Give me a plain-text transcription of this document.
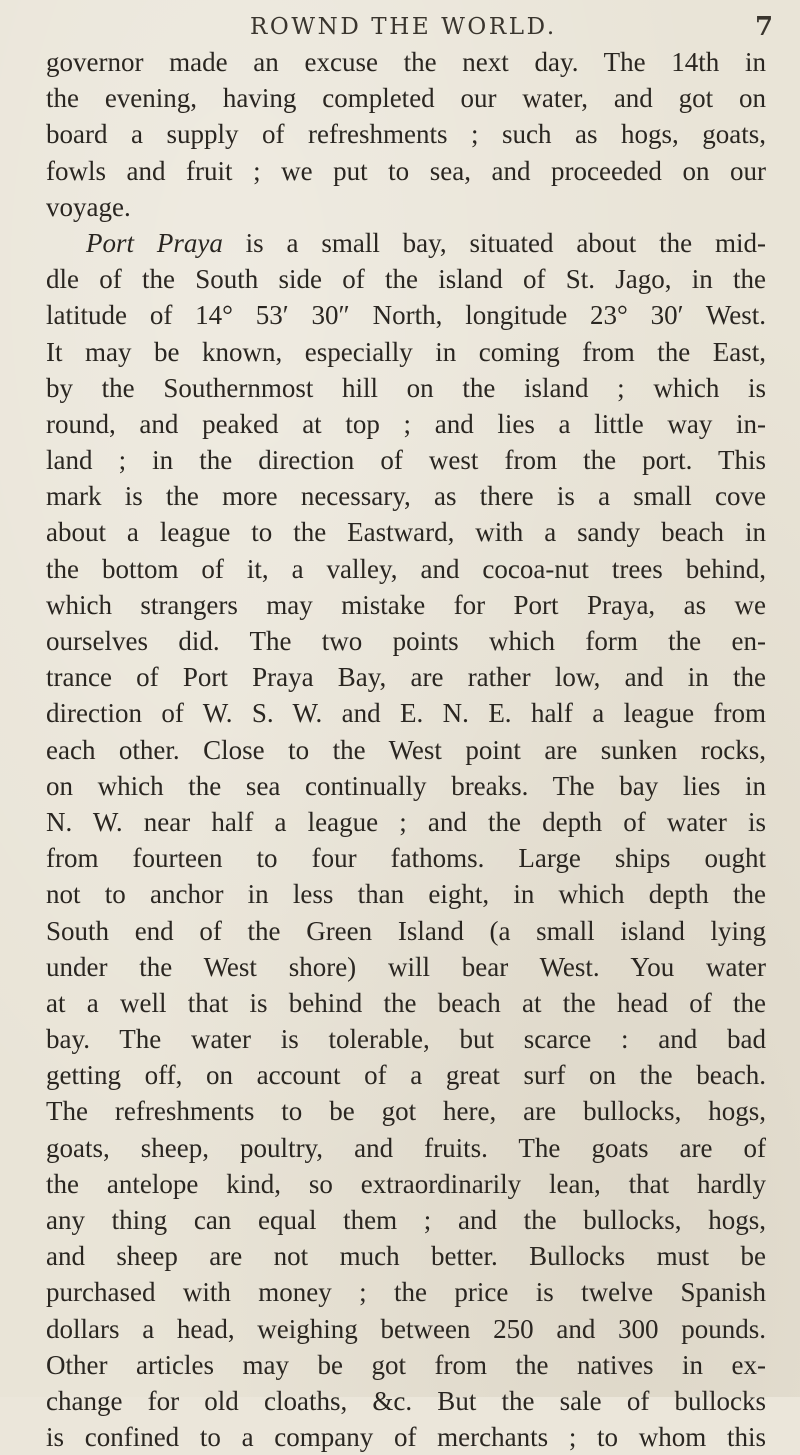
ROWND THE WORLD.	7
governor made an excuse the next day. The 14th in
the evening, having completed our water, and got on
board a supply of refreshments ; such as hogs, goats,
fowls and fruit ; we put to sea, and proceeded on our
voyage.
Port Praya is a small bay, situated about the mid-
dle of the South side of the island of St. Jago, in the
latitude of 14° 53′ 30″ North, longitude 23° 30′ West.
It may be known, especially in coming from the East,
by the Southernmost hill on the island ; which is
round, and peaked at top ; and lies a little way in-
land ; in the direction of west from the port. This
mark is the more necessary, as there is a small cove
about a league to the Eastward, with a sandy beach in
the bottom of it, a valley, and cocoa-nut trees behind,
which strangers may mistake for Port Praya, as we
ourselves did. The two points which form the en-
trance of Port Praya Bay, are rather low, and in the
direction of W. S. W. and E. N. E. half a league from
each other. Close to the West point are sunken rocks,
on which the sea continually breaks. The bay lies in
N. W. near half a league ; and the depth of water is
from fourteen to four fathoms. Large ships ought
not to anchor in less than eight, in which depth the
South end of the Green Island (a small island lying
under the West shore) will bear West. You water
at a well that is behind the beach at the head of the
bay. The water is tolerable, but scarce : and bad
getting off, on account of a great surf on the beach.
The refreshments to be got here, are bullocks, hogs,
goats, sheep, poultry, and fruits. The goats are of
the antelope kind, so extraordinarily lean, that hardly
any thing can equal them ; and the bullocks, hogs,
and sheep are not much better. Bullocks must be
purchased with money ; the price is twelve Spanish
dollars a head, weighing between 250 and 300 pounds.
Other articles may be got from the natives in ex-
change for old cloaths, &c. But the sale of bullocks
is confined to a company of merchants ; to whom this
